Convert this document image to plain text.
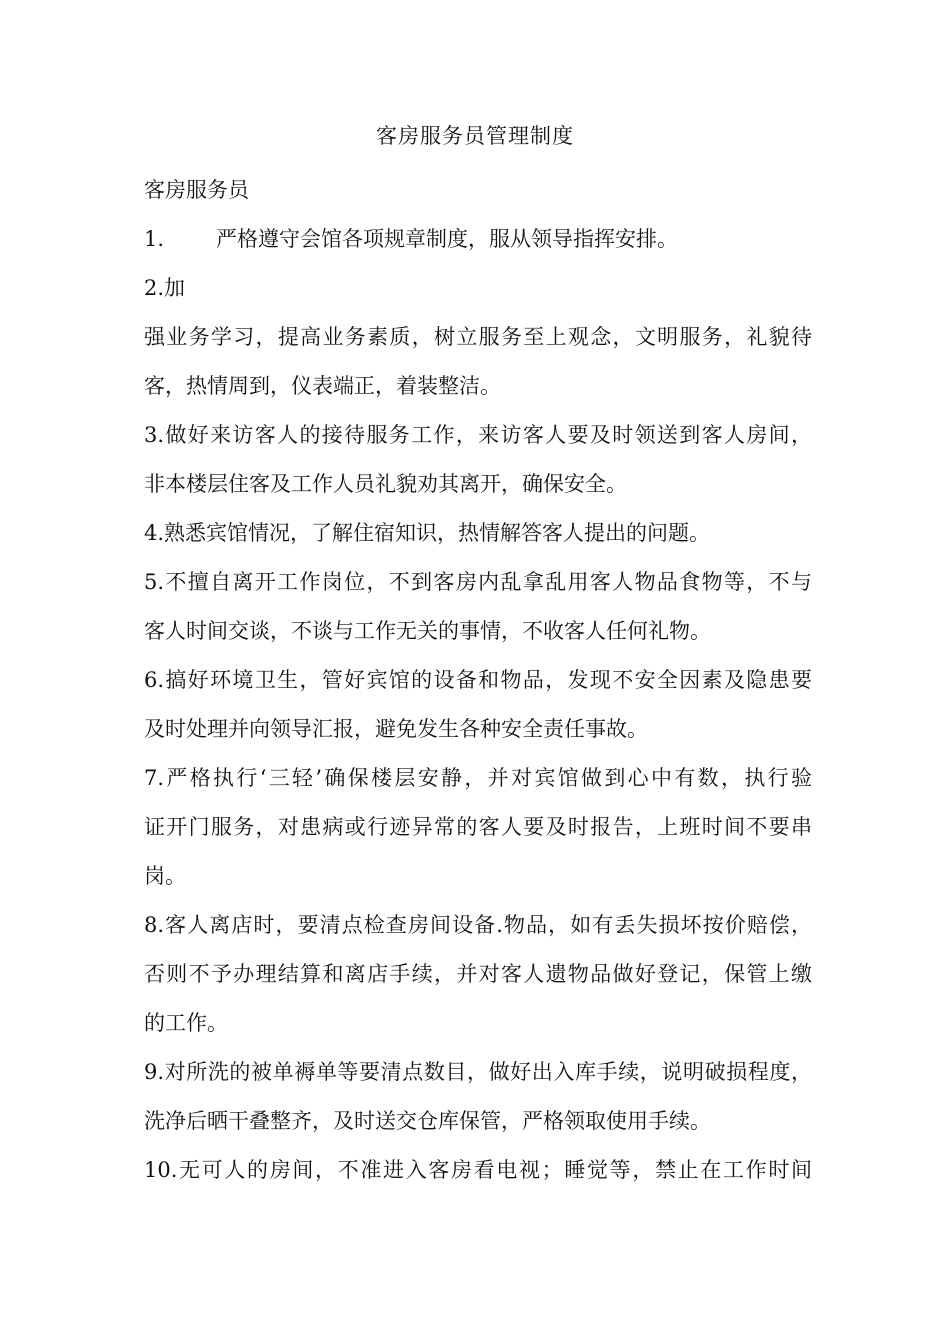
客房服务员管理制度
客房服务员
1. 严格遵守会馆各项规章制度，服从领导指挥安排。
2.加
强业务学习，提高业务素质，树立服务至上观念，文明服务，礼貌待
客，热情周到，仪表端正，着装整洁。
3.做好来访客人的接待服务工作，来访客人要及时领送到客人房间，
非本楼层住客及工作人员礼貌劝其离开，确保安全。
4.熟悉宾馆情况，了解住宿知识，热情解答客人提出的问题。
5.不擅自离开工作岗位，不到客房内乱拿乱用客人物品食物等，不与
客人时间交谈，不谈与工作无关的事情，不收客人任何礼物。
6.搞好环境卫生，管好宾馆的设备和物品，发现不安全因素及隐患要
及时处理并向领导汇报，避免发生各种安全责任事故。
7.严格执行‘三轻’确保楼层安静，并对宾馆做到心中有数，执行验
证开门服务，对患病或行迹异常的客人要及时报告，上班时间不要串
岗。
8.客人离店时，要清点检查房间设备.物品，如有丢失损坏按价赔偿，
否则不予办理结算和离店手续，并对客人遗物品做好登记，保管上缴
的工作。
9.对所洗的被单褥单等要清点数目，做好出入库手续，说明破损程度，
洗净后晒干叠整齐，及时送交仓库保管，严格领取使用手续。
10.无可人的房间，不准进入客房看电视；睡觉等，禁止在工作时间
